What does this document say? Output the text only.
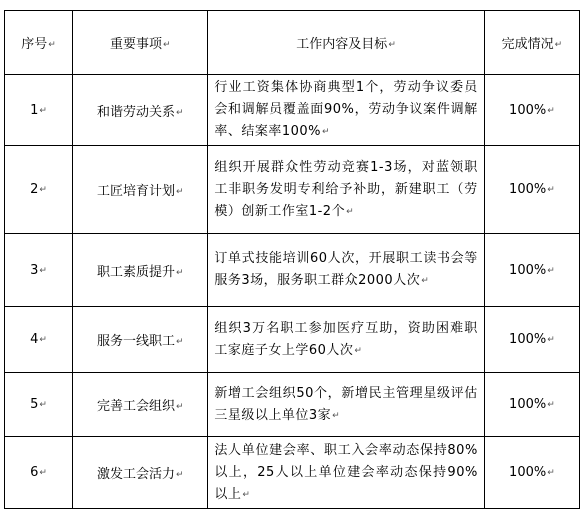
序号↵	重要事项↵	工作内容及目标↵	完成情况↵
1↵	和谐劳动关系↵	行业工资集体协商典型1个，劳动争议委员会和调解员覆盖面90%，劳动争议案件调解率、结案率100%↵	100%↵
2↵	工匠培育计划↵	组织开展群众性劳动竞赛1-3场，对蓝领职工非职务发明专利给予补助，新建职工（劳模）创新工作室1-2个↵	100%↵
3↵	职工素质提升↵	订单式技能培训60人次，开展职工读书会等服务3场，服务职工群众2000人次↵	100%↵
4↵	服务一线职工↵	组织3万名职工参加医疗互助，资助困难职工家庭子女上学60人次↵	100%↵
5↵	完善工会组织↵	新增工会组织50个，新增民主管理星级评估三星级以上单位3家↵	100%↵
6↵	激发工会活力↵	法人单位建会率、职工入会率动态保持80%以上，25人以上单位建会率动态保持90%以上↵	100%↵
